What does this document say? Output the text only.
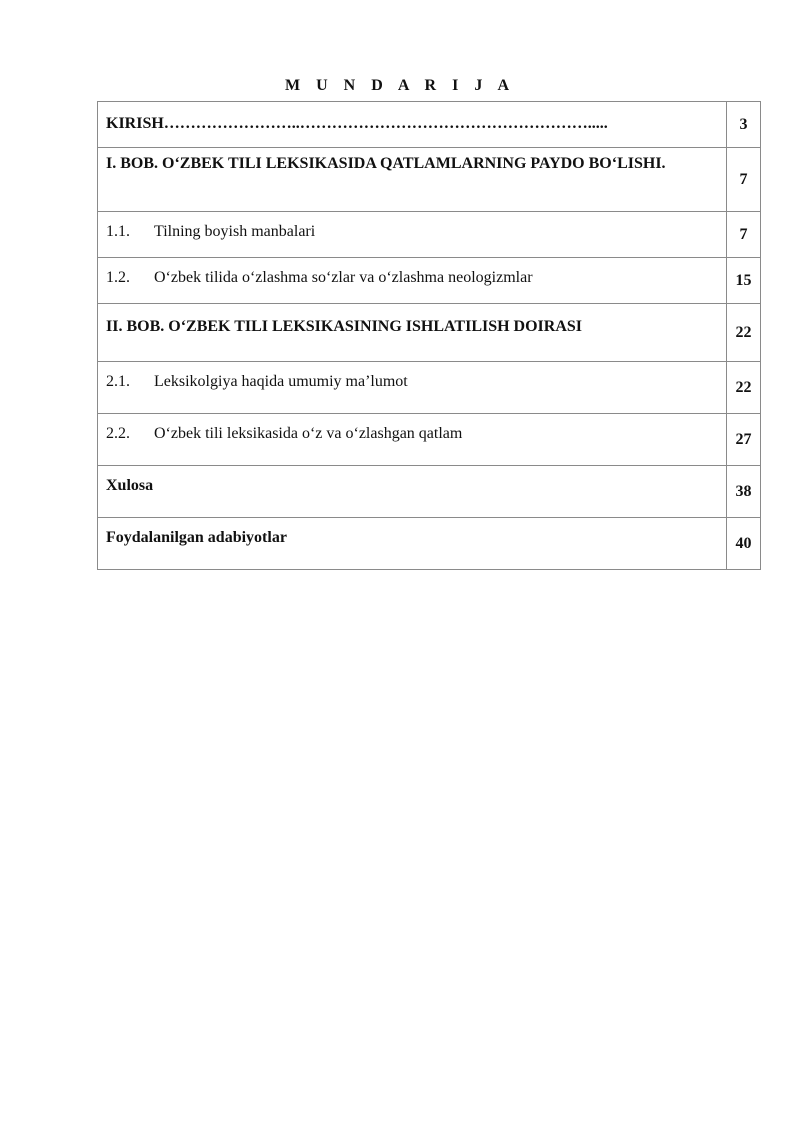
M U N D A R I J A
KIRISH……………………..……………………………………………….....	3
I. BOB. O‘ZBEK TILI LEKSIKASIDA QATLAMLARNING PAYDO BO‘LISHI.	7
1.1. Tilning boyish manbalari	7
1.2. O‘zbek tilida o‘zlashma so‘zlar va o‘zlashma neologizmlar	15
II. BOB. O‘ZBEK TILI LEKSIKASINING ISHLATILISH DOIRASI	22
2.1. Leksikolgiya haqida umumiy ma’lumot	22
2.2. O‘zbek tili leksikasida o‘z va o‘zlashgan qatlam	27
Xulosa	38
Foydalanilgan adabiyotlar	40
